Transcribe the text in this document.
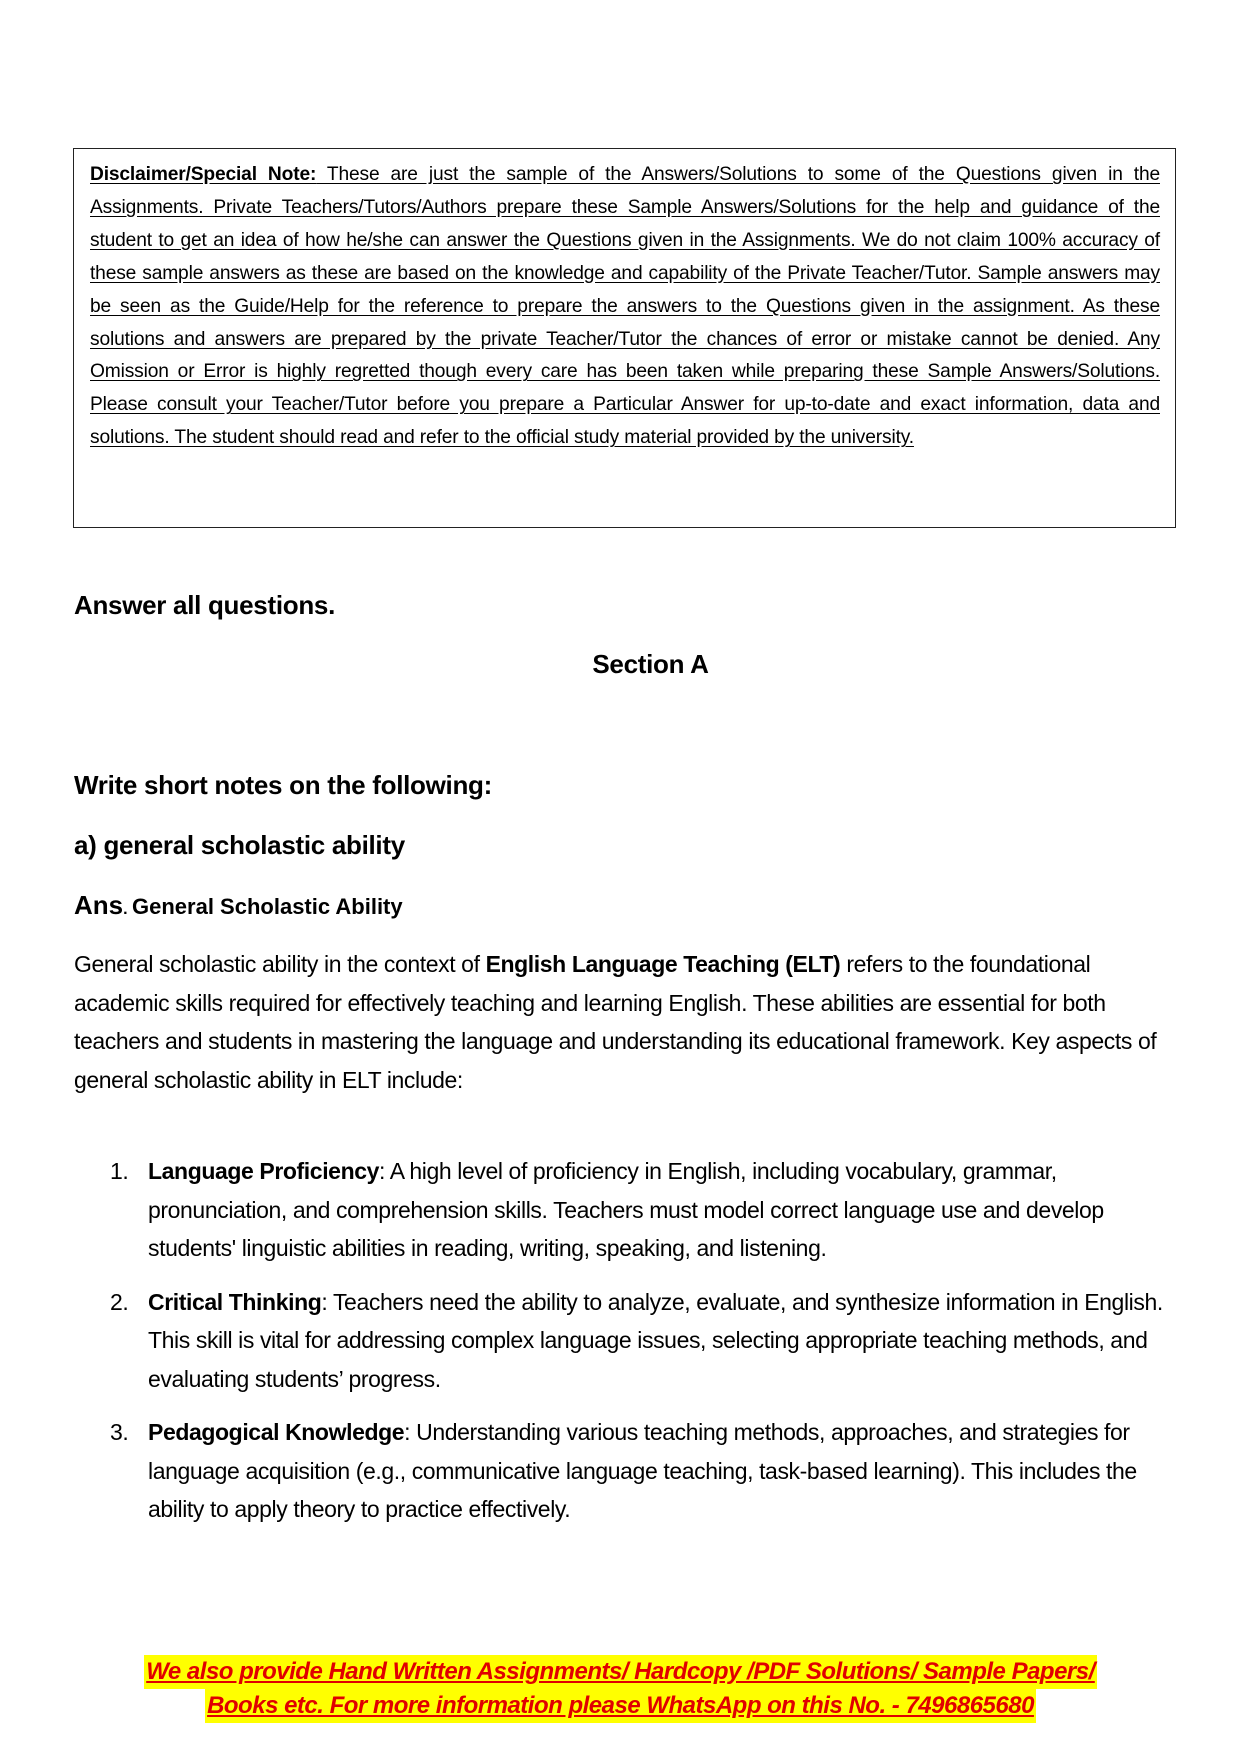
Disclaimer/Special Note: These are just the sample of the Answers/Solutions to some of the Questions given in the Assignments. Private Teachers/Tutors/Authors prepare these Sample Answers/Solutions for the help and guidance of the student to get an idea of how he/she can answer the Questions given in the Assignments. We do not claim 100% accuracy of these sample answers as these are based on the knowledge and capability of the Private Teacher/Tutor. Sample answers may be seen as the Guide/Help for the reference to prepare the answers to the Questions given in the assignment. As these solutions and answers are prepared by the private Teacher/Tutor the chances of error or mistake cannot be denied. Any Omission or Error is highly regretted though every care has been taken while preparing these Sample Answers/Solutions. Please consult your Teacher/Tutor before you prepare a Particular Answer for up-to-date and exact information, data and solutions. The student should read and refer to the official study material provided by the university.

Answer all questions.
Section A
Write short notes on the following:
a) general scholastic ability

Ans. General Scholastic Ability

General scholastic ability in the context of English Language Teaching (ELT) refers to the foundational academic skills required for effectively teaching and learning English. These abilities are essential for both teachers and students in mastering the language and understanding its educational framework. Key aspects of general scholastic ability in ELT include:

1. Language Proficiency: A high level of proficiency in English, including vocabulary, grammar, pronunciation, and comprehension skills. Teachers must model correct language use and develop students' linguistic abilities in reading, writing, speaking, and listening.
2. Critical Thinking: Teachers need the ability to analyze, evaluate, and synthesize information in English. This skill is vital for addressing complex language issues, selecting appropriate teaching methods, and evaluating students’ progress.
3. Pedagogical Knowledge: Understanding various teaching methods, approaches, and strategies for language acquisition (e.g., communicative language teaching, task-based learning). This includes the ability to apply theory to practice effectively.
We also provide Hand Written Assignments/ Hardcopy /PDF Solutions/ Sample Papers/
Books etc. For more information please WhatsApp on this No. - 7496865680
